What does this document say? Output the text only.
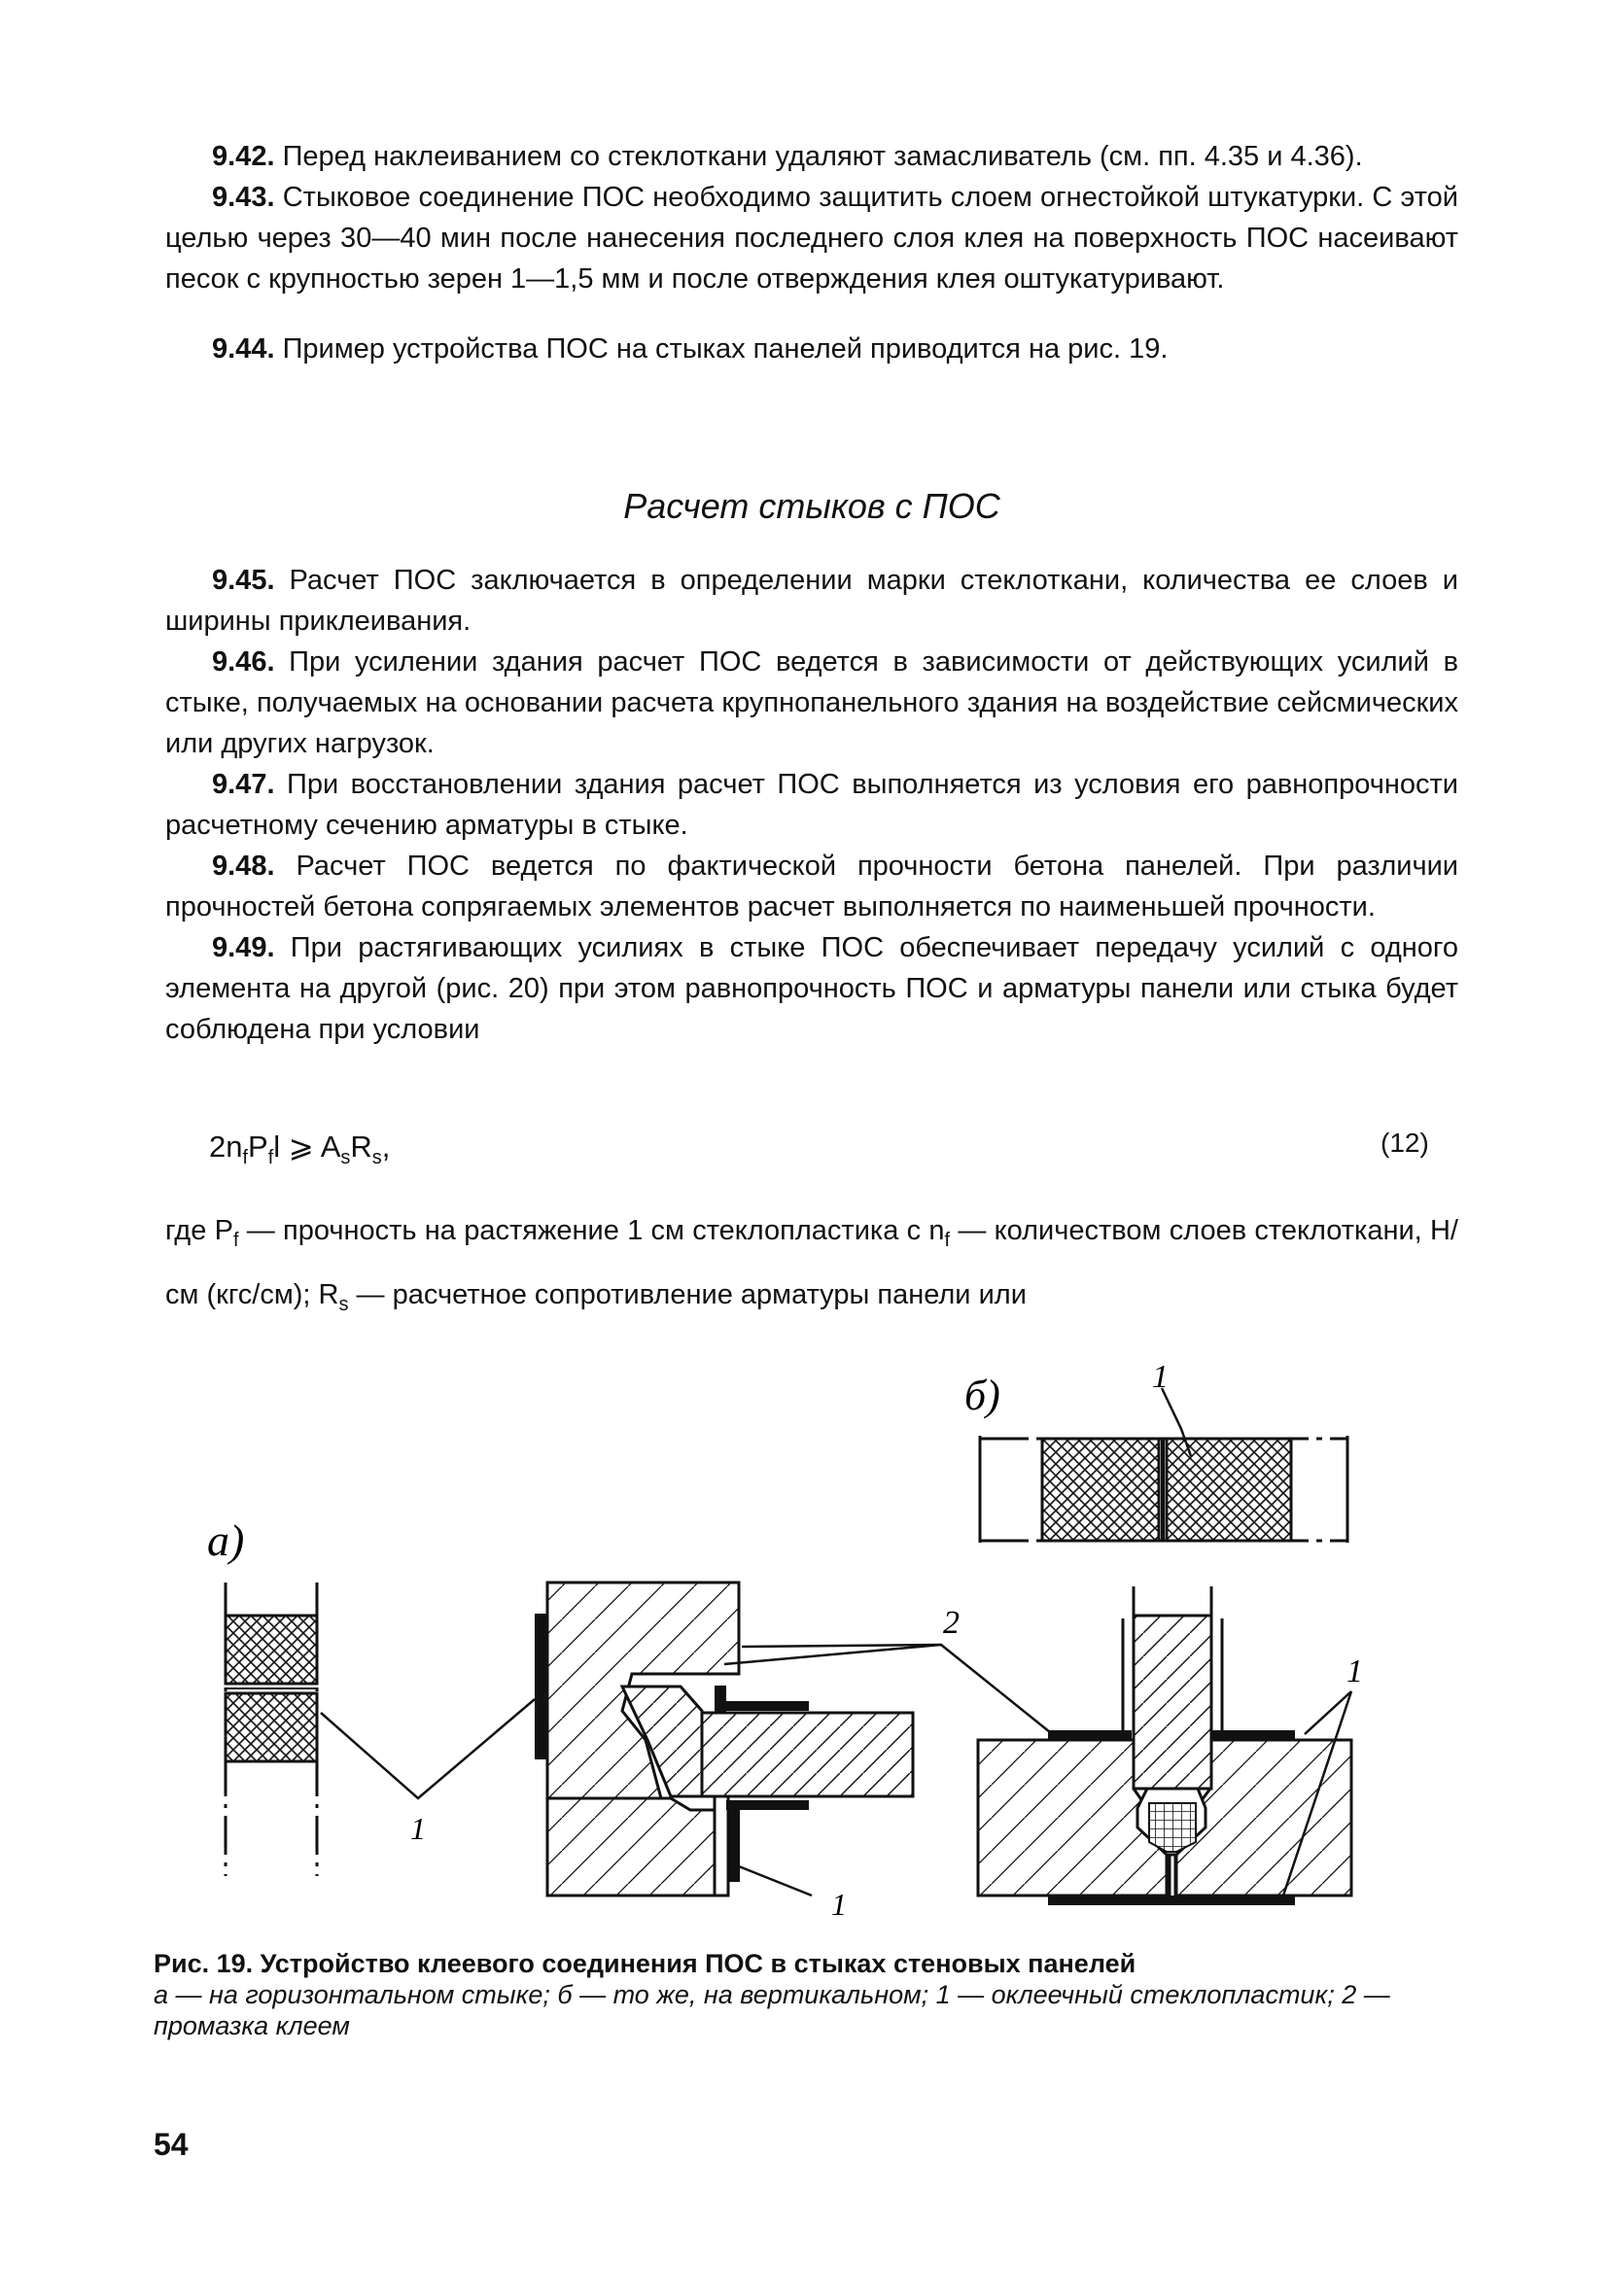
9.42. Перед наклеиванием со стеклоткани удаляют замасливатель (см. пп. 4.35 и 4.36).

9.43. Стыковое соединение ПОС необходимо защитить слоем огнестойкой штукатурки. С этой целью через 30—40 мин после нанесения последнего слоя клея на поверхность ПОС насеивают песок с крупностью зерен 1—1,5 мм и после отверждения клея оштукатуривают.

9.44. Пример устройства ПОС на стыках панелей приводится на рис. 19.

Расчет стыков с ПОС

9.45. Расчет ПОС заключается в определении марки стеклоткани, количества ее слоев и ширины приклеивания.

9.46. При усилении здания расчет ПОС ведется в зависимости от действующих усилий в стыке, получаемых на основании расчета крупнопанельного здания на воздействие сейсмических или других нагрузок.

9.47. При восстановлении здания расчет ПОС выполняется из условия его равнопрочности расчетному сечению арматуры в стыке.

9.48. Расчет ПОС ведется по фактической прочности бетона панелей. При различии прочностей бетона сопрягаемых элементов расчет выполняется по наименьшей прочности.

9.49. При растягивающих усилиях в стыке ПОС обеспечивает передачу усилий с одного элемента на другой (рис. 20) при этом равнопрочность ПОС и арматуры панели или стыка будет соблюдена при условии

$2n_fP_fl$ ⩾ $A_sR_s$,	(12)
где $P_f$ — прочность на растяжение 1 см стеклопластика с $n_f$ — количеством слоев стеклоткани, Н/см (кгс/см); $R_s$ — расчетное сопротивление арматуры панели или
a)
1
1
б)	1
2
1
Рис. 19. Устройство клеевого соединения ПОС в стыках стеновых панелей
а — на горизонтальном стыке; б — то же, на вертикальном; 1 — оклеечный стеклопластик; 2 — промазка клеем
54
